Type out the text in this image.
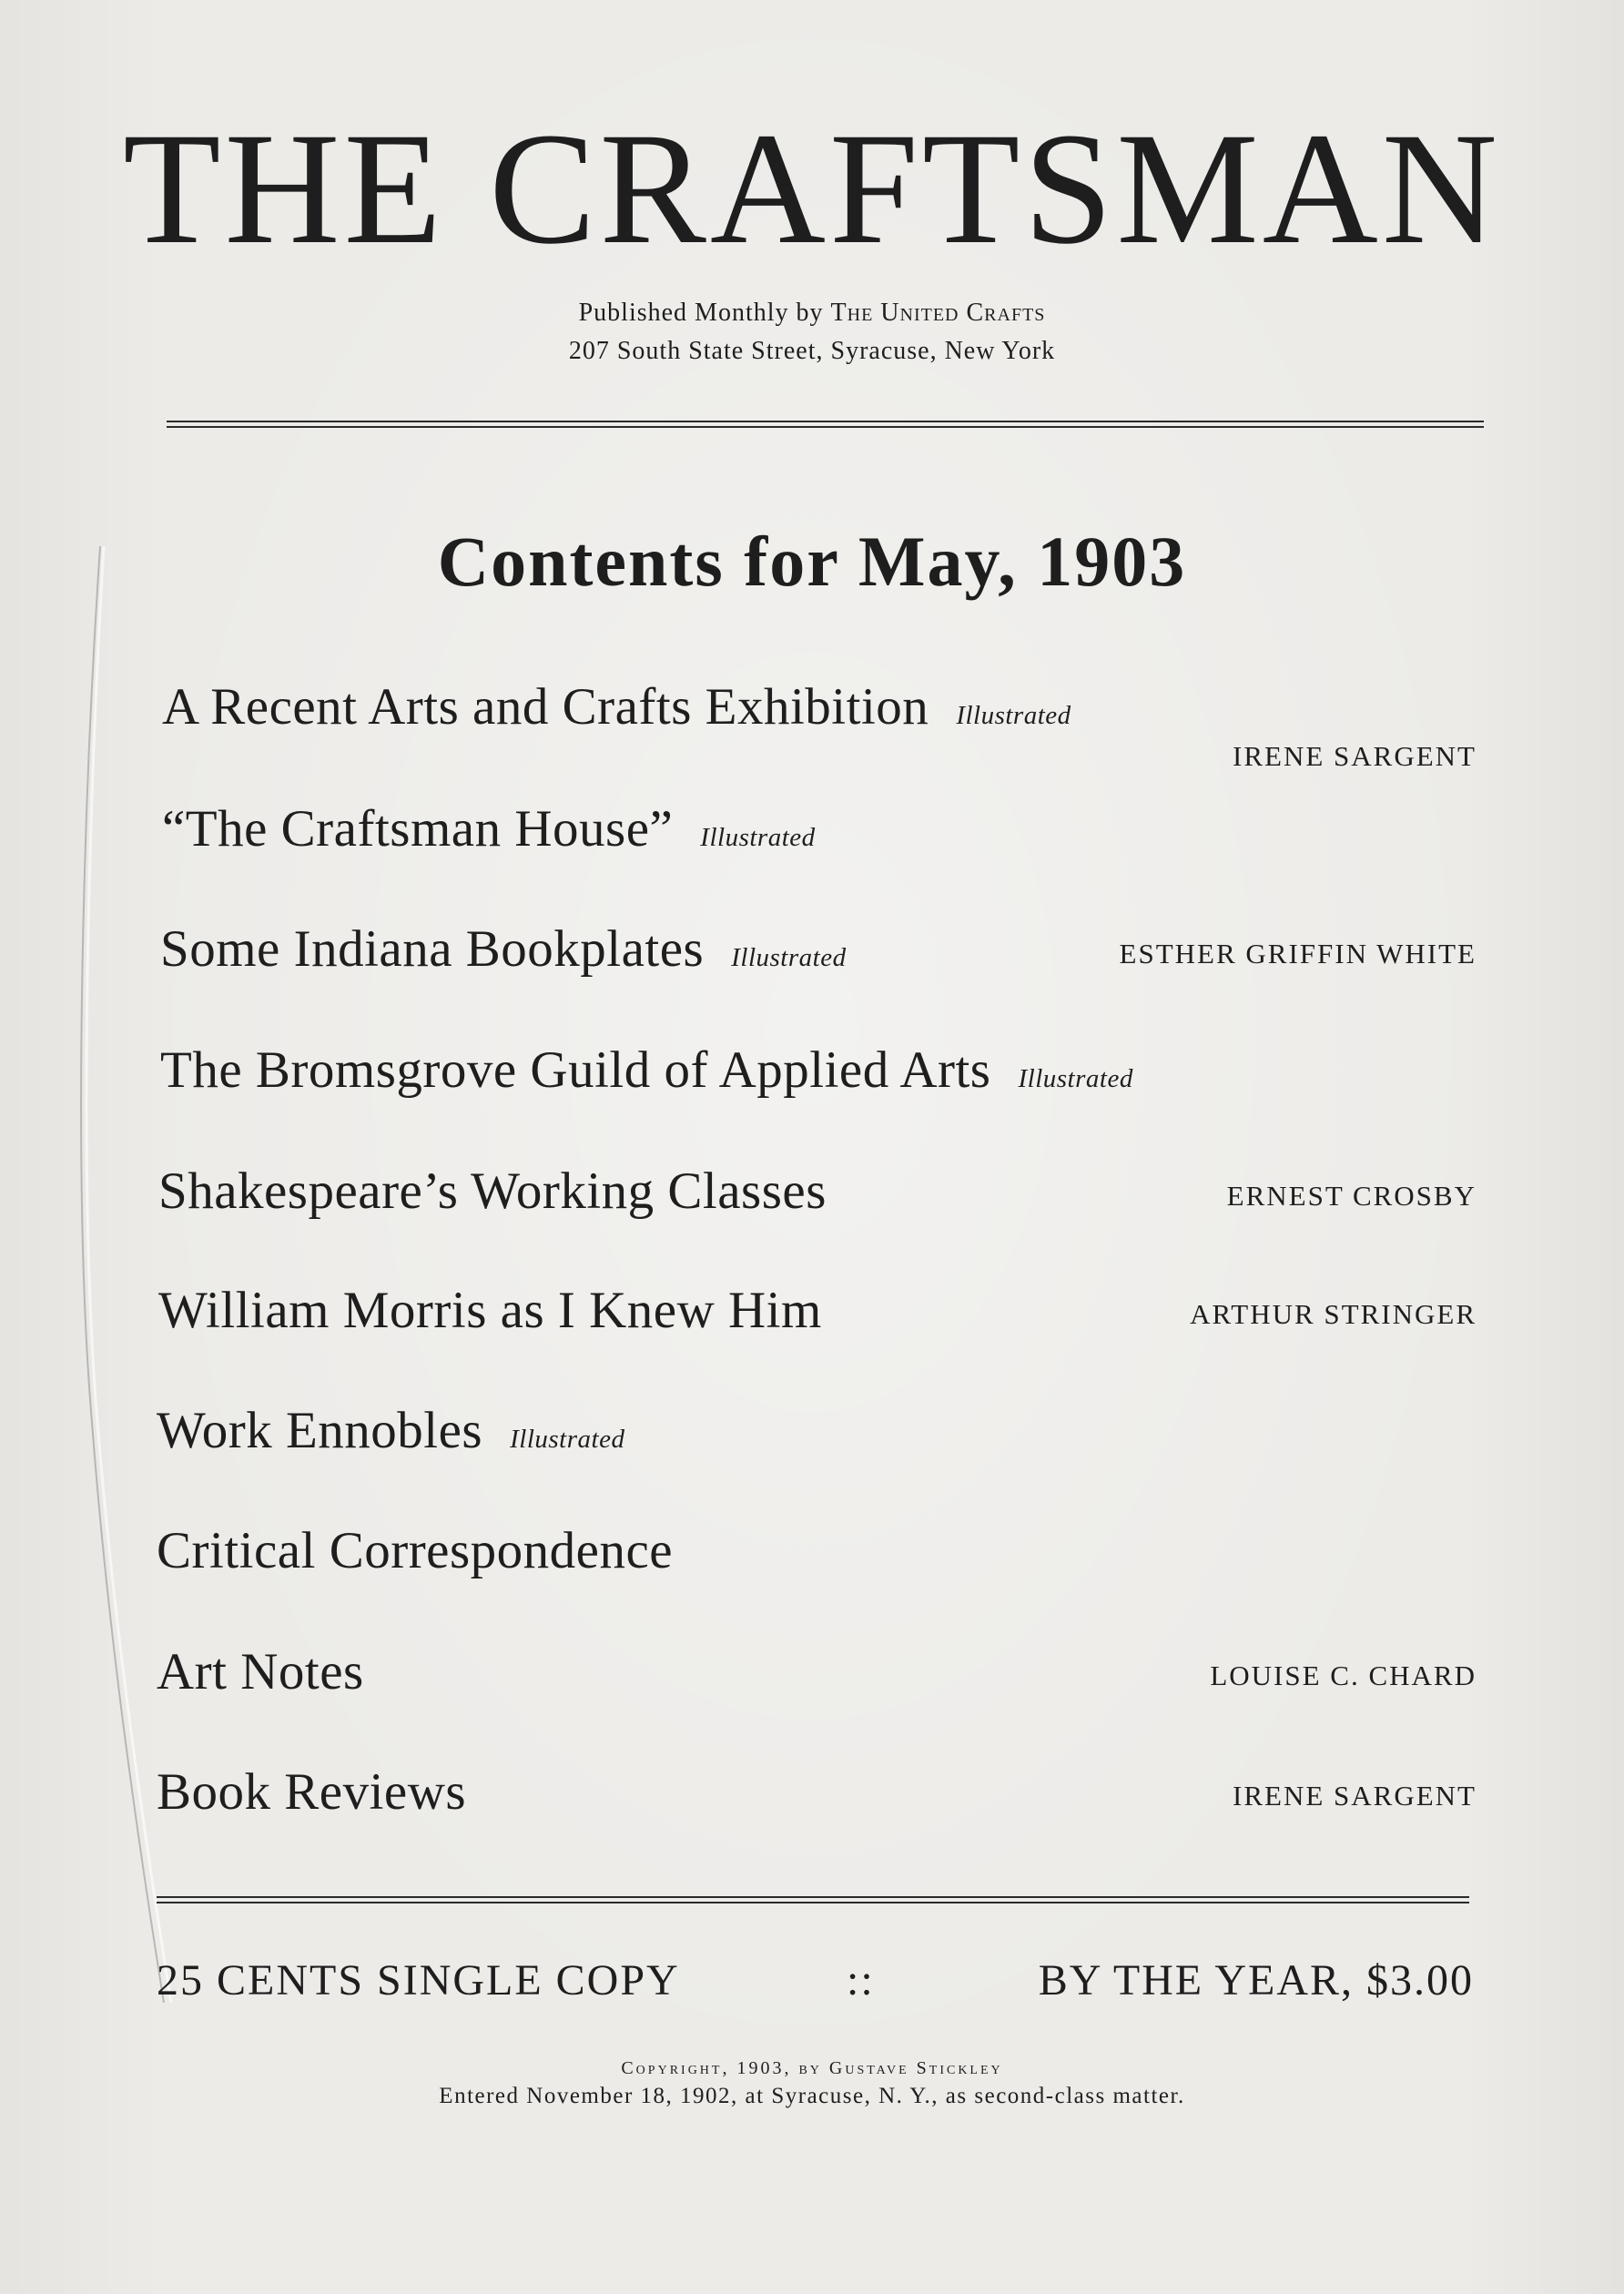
THE CRAFTSMAN
Published Monthly by The United Crafts
207 South State Street, Syracuse, New York
Contents for May, 1903
A Recent Arts and Crafts Exhibition Illustrated
IRENE SARGENT
“The Craftsman House” Illustrated
Some Indiana Bookplates Illustrated	ESTHER GRIFFIN WHITE
The Bromsgrove Guild of Applied Arts Illustrated
Shakespeare’s Working Classes	ERNEST CROSBY
William Morris as I Knew Him	ARTHUR STRINGER
Work Ennobles Illustrated
Critical Correspondence
Art Notes	LOUISE C. CHARD
Book Reviews	IRENE SARGENT
25 CENTS SINGLE COPY	::	BY THE YEAR, $3.00
Copyright, 1903, by Gustave Stickley
Entered November 18, 1902, at Syracuse, N. Y., as second-class matter.
